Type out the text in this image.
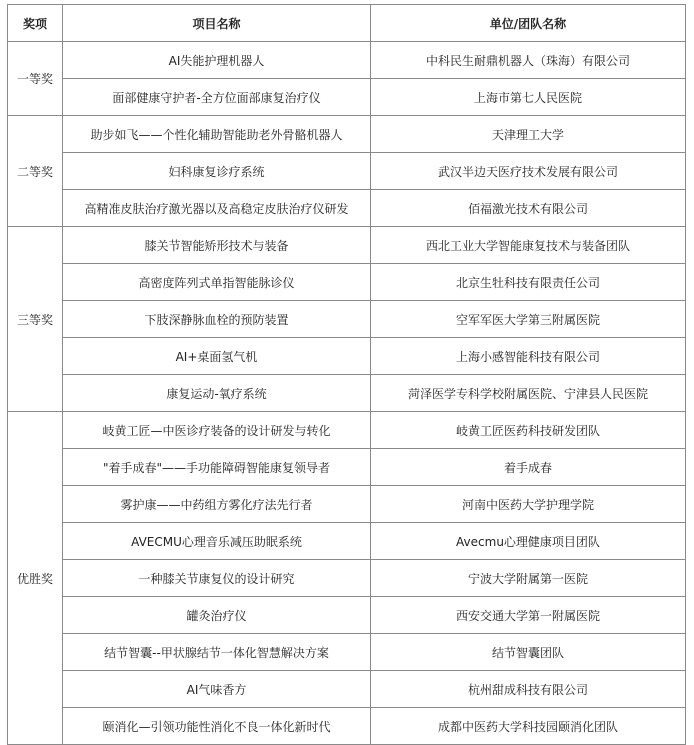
奖项	项目名称	单位/团队名称
一等奖	AI失能护理机器人	中科民生耐鼎机器人（珠海）有限公司
	面部健康守护者-全方位面部康复治疗仪	上海市第七人民医院
二等奖	助步如飞——个性化辅助智能助老外骨骼机器人	天津理工大学
	妇科康复诊疗系统	武汉半边天医疗技术发展有限公司
	高精准皮肤治疗激光器以及高稳定皮肤治疗仪研发	佰福激光技术有限公司
三等奖	膝关节智能矫形技术与装备	西北工业大学智能康复技术与装备团队
	高密度阵列式单指智能脉诊仪	北京生牡科技有限责任公司
	下肢深静脉血栓的预防装置	空军军医大学第三附属医院
	AI+桌面氢气机	上海小感智能科技有限公司
	康复运动-氧疗系统	菏泽医学专科学校附属医院、宁津县人民医院
优胜奖	岐黄工匠—中医诊疗装备的设计研发与转化	岐黄工匠医药科技研发团队
	"着手成春"——手功能障碍智能康复领导者	着手成春
	雾护康——中药组方雾化疗法先行者	河南中医药大学护理学院
	AVECMU心理音乐减压助眠系统	Avecmu心理健康项目团队
	一种膝关节康复仪的设计研究	宁波大学附属第一医院
	罐灸治疗仪	西安交通大学第一附属医院
	结节智囊--甲状腺结节一体化智慧解决方案	结节智囊团队
	AI气味香方	杭州甜成科技有限公司
	颐消化—引领功能性消化不良一体化新时代	成都中医药大学科技园颐消化团队
